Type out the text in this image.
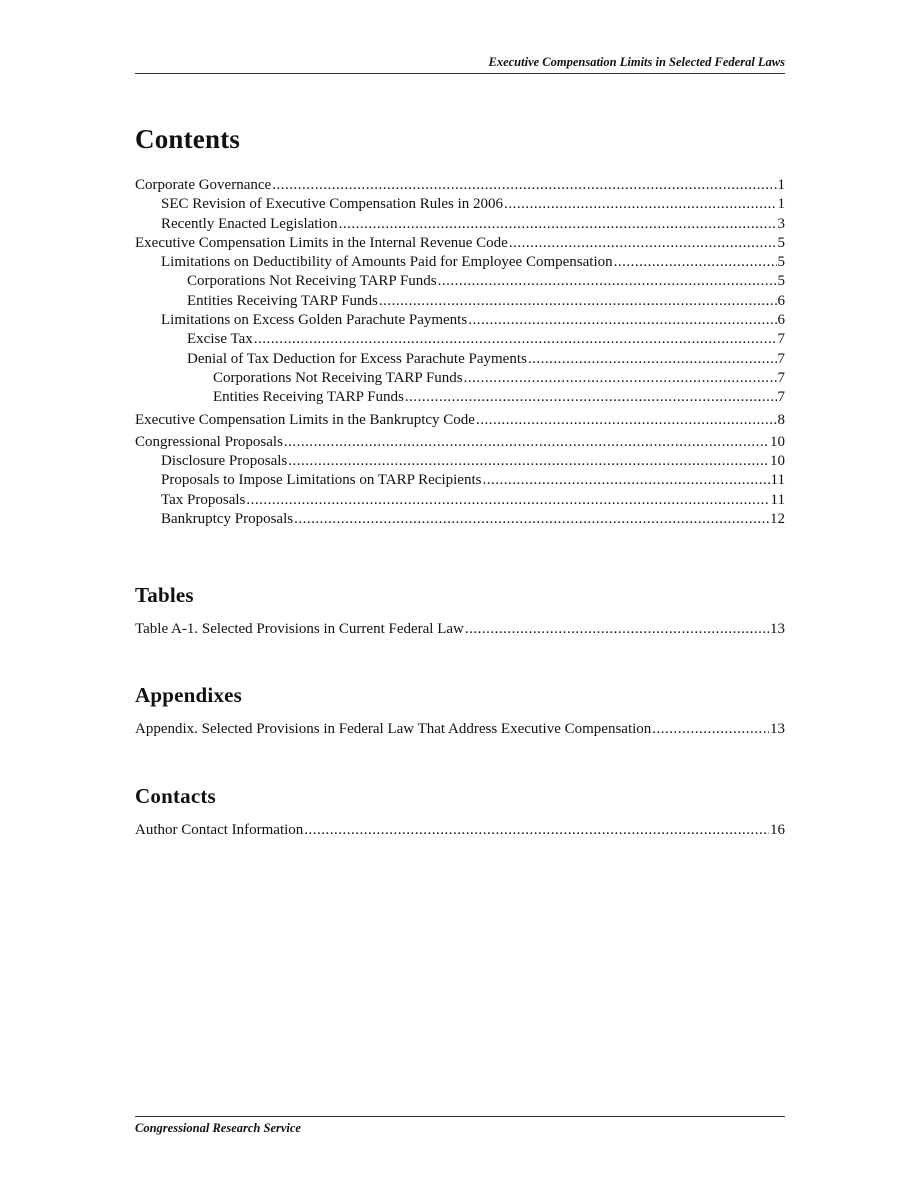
Executive Compensation Limits in Selected Federal Laws
Contents
Corporate Governance .....	1
SEC Revision of Executive Compensation Rules in 2006 .....	1
Recently Enacted Legislation .....	3
Executive Compensation Limits in the Internal Revenue Code .....	5
Limitations on Deductibility of Amounts Paid for Employee Compensation .....	5
Corporations Not Receiving TARP Funds .....	5
Entities Receiving TARP Funds .....	6
Limitations on Excess Golden Parachute Payments .....	6
Excise Tax .....	7
Denial of Tax Deduction for Excess Parachute Payments .....	7
Corporations Not Receiving TARP Funds .....	7
Entities Receiving TARP Funds .....	7
Executive Compensation Limits in the Bankruptcy Code .....	8
Congressional Proposals .....	10
Disclosure Proposals .....	10
Proposals to Impose Limitations on TARP Recipients .....	11
Tax Proposals .....	11
Bankruptcy Proposals .....	12
Tables
Table A-1. Selected Provisions in Current Federal Law .....	13
Appendixes
Appendix. Selected Provisions in Federal Law That Address Executive Compensation .....	13
Contacts
Author Contact Information .....	16
Congressional Research Service
